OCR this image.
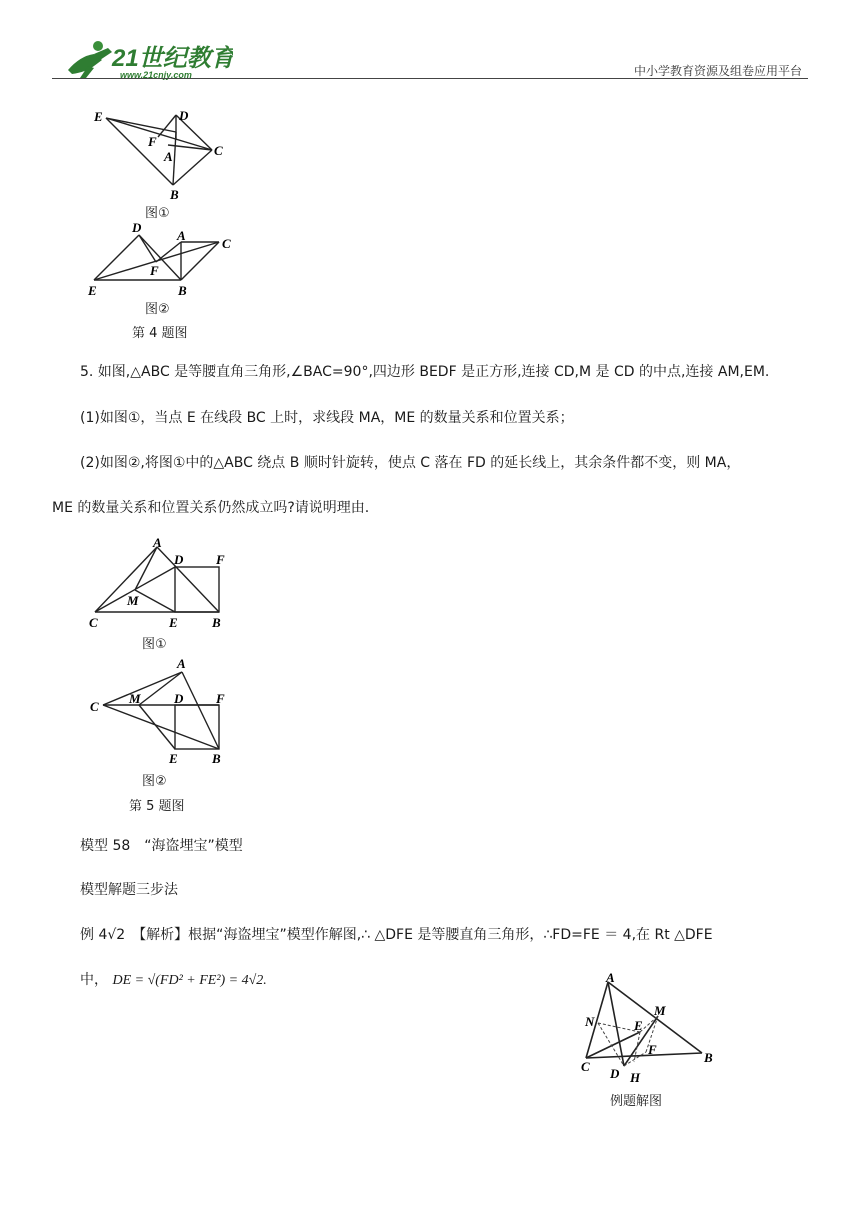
21世纪教育
www.21cnjy.com	中小学教育资源及组卷应用平台
E	D
F
A	C
B
图①
D
A
C
F
E	B
图②
第 4 题图
5. 如图,△ABC 是等腰直角三角形,∠BAC=90°,四边形 BEDF 是正方形,连接 CD,M 是 CD 的中点,连接 AM,EM.
(1)如图①，当点 E 在线段 BC 上时，求线段 MA，ME 的数量关系和位置关系；
(2)如图②,将图①中的△ABC 绕点 B 顺时针旋转，使点 C 落在 FD 的延长线上，其余条件都不变，则 MA，
ME 的数量关系和位置关系仍然成立吗?请说明理由.
A
D	F
M
C	E	B
图①
A
C
M	D	F
E	B
图②
第 5 题图
模型 58　“海盗埋宝”模型
模型解题三步法
例 4√2　【解析】根据“海盗埋宝”模型作解图,∴ △DFE 是等腰直角三角形，∴FD=FE ＝ 4,在 Rt △DFE
中， DE = √(FD² + FE²) = 4√2.	A
M
N	E
F
C D H
B
例题解图
